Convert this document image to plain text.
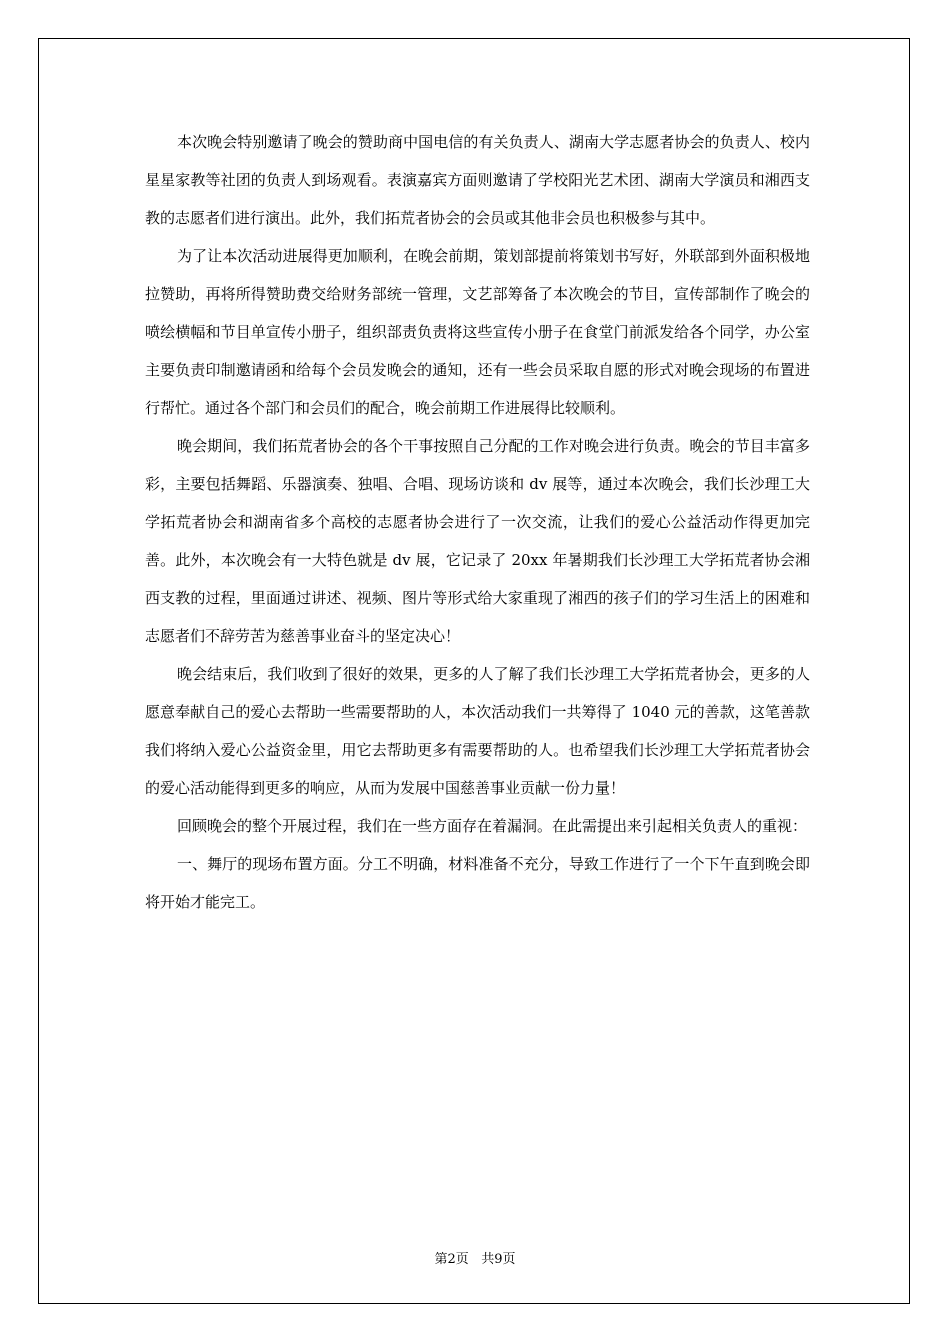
本次晚会特别邀请了晚会的赞助商中国电信的有关负责人、湖南大学志愿者协会的负责人、校内星星家教等社团的负责人到场观看。表演嘉宾方面则邀请了学校阳光艺术团、湖南大学演员和湘西支教的志愿者们进行演出。此外，我们拓荒者协会的会员或其他非会员也积极参与其中。

为了让本次活动进展得更加顺利，在晚会前期，策划部提前将策划书写好，外联部到外面积极地拉赞助，再将所得赞助费交给财务部统一管理，文艺部筹备了本次晚会的节目，宣传部制作了晚会的喷绘横幅和节目单宣传小册子，组织部责负责将这些宣传小册子在食堂门前派发给各个同学，办公室主要负责印制邀请函和给每个会员发晚会的通知，还有一些会员采取自愿的形式对晚会现场的布置进行帮忙。通过各个部门和会员们的配合，晚会前期工作进展得比较顺利。

晚会期间，我们拓荒者协会的各个干事按照自己分配的工作对晚会进行负责。晚会的节目丰富多彩，主要包括舞蹈、乐器演奏、独唱、合唱、现场访谈和 dv 展等，通过本次晚会，我们长沙理工大学拓荒者协会和湖南省多个高校的志愿者协会进行了一次交流，让我们的爱心公益活动作得更加完善。此外，本次晚会有一大特色就是 dv 展，它记录了 20xx 年暑期我们长沙理工大学拓荒者协会湘西支教的过程，里面通过讲述、视频、图片等形式给大家重现了湘西的孩子们的学习生活上的困难和志愿者们不辞劳苦为慈善事业奋斗的坚定决心！

晚会结束后，我们收到了很好的效果，更多的人了解了我们长沙理工大学拓荒者协会，更多的人愿意奉献自己的爱心去帮助一些需要帮助的人，本次活动我们一共筹得了 1040 元的善款，这笔善款我们将纳入爱心公益资金里，用它去帮助更多有需要帮助的人。也希望我们长沙理工大学拓荒者协会的爱心活动能得到更多的响应，从而为发展中国慈善事业贡献一份力量！

回顾晚会的整个开展过程，我们在一些方面存在着漏洞。在此需提出来引起相关负责人的重视：

一、舞厅的现场布置方面。分工不明确，材料准备不充分，导致工作进行了一个下午直到晚会即将开始才能完工。

第2页 共9页
